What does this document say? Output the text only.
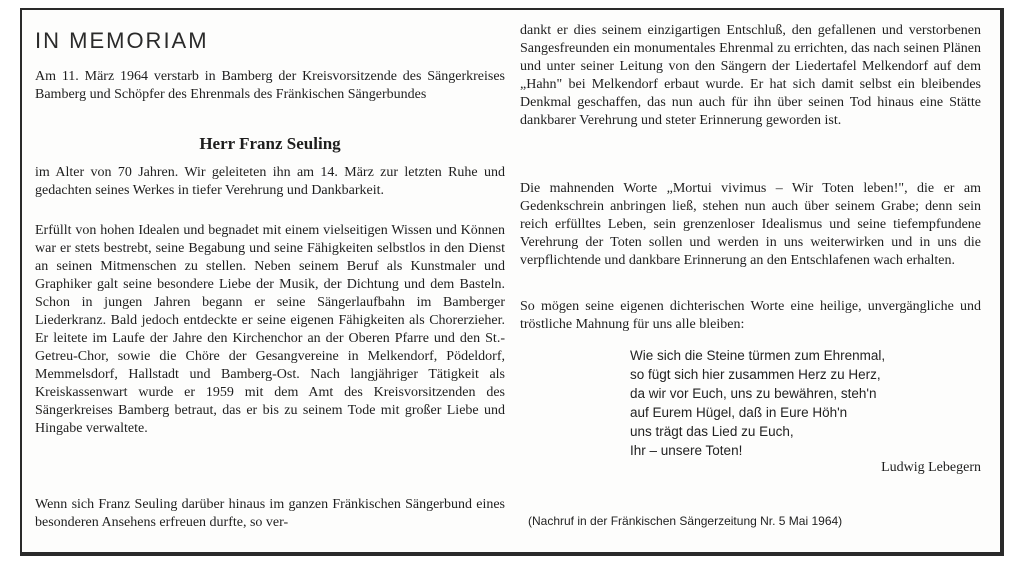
IN MEMORIAM

Am 11. März 1964 verstarb in Bamberg der Kreisvorsitzende des Sängerkreises Bamberg und Schöpfer des Ehrenmals des Fränkischen Sängerbundes

Herr Franz Seuling

im Alter von 70 Jahren. Wir geleiteten ihn am 14. März zur letzten Ruhe und gedachten seines Werkes in tiefer Verehrung und Dankbarkeit.

Erfüllt von hohen Idealen und begnadet mit einem vielseitigen Wissen und Können war er stets bestrebt, seine Begabung und seine Fähigkeiten selbstlos in den Dienst an seinen Mitmenschen zu stellen. Neben seinem Beruf als Kunstmaler und Graphiker galt seine besondere Liebe der Musik, der Dichtung und dem Basteln. Schon in jungen Jahren begann er seine Sängerlaufbahn im Bamberger Liederkranz. Bald jedoch entdeckte er seine eigenen Fähigkeiten als Chorerzieher. Er leitete im Laufe der Jahre den Kirchenchor an der Oberen Pfarre und den St.-Getreu-Chor, sowie die Chöre der Gesangvereine in Melkendorf, Pödeldorf, Memmelsdorf, Hallstadt und Bamberg-Ost. Nach langjähriger Tätigkeit als Kreiskassenwart wurde er 1959 mit dem Amt des Kreisvorsitzenden des Sängerkreises Bamberg betraut, das er bis zu seinem Tode mit großer Liebe und Hingabe verwaltete.

Wenn sich Franz Seuling darüber hinaus im ganzen Fränkischen Sängerbund eines besonderen Ansehens erfreuen durfte, so ver-

dankt er dies seinem einzigartigen Entschluß, den gefallenen und verstorbenen Sangesfreunden ein monumentales Ehrenmal zu errichten, das nach seinen Plänen und unter seiner Leitung von den Sängern der Liedertafel Melkendorf auf dem „Hahn" bei Melkendorf erbaut wurde. Er hat sich damit selbst ein bleibendes Denkmal geschaffen, das nun auch für ihn über seinen Tod hinaus eine Stätte dankbarer Verehrung und steter Erinnerung geworden ist.

Die mahnenden Worte „Mortui vivimus – Wir Toten leben!", die er am Gedenkschrein anbringen ließ, stehen nun auch über seinem Grabe; denn sein reich erfülltes Leben, sein grenzenloser Idealismus und seine tiefempfundene Verehrung der Toten sollen und werden in uns weiterwirken und in uns die verpflichtende und dankbare Erinnerung an den Entschlafenen wach erhalten.

So mögen seine eigenen dichterischen Worte eine heilige, unvergängliche und tröstliche Mahnung für uns alle bleiben:

Wie sich die Steine türmen zum Ehrenmal,
so fügt sich hier zusammen Herz zu Herz,
da wir vor Euch, uns zu bewähren, steh'n
auf Eurem Hügel, daß in Eure Höh'n
uns trägt das Lied zu Euch,
Ihr – unsere Toten!
Ludwig Lebegern
(Nachruf in der Fränkischen Sängerzeitung Nr. 5 Mai 1964)
